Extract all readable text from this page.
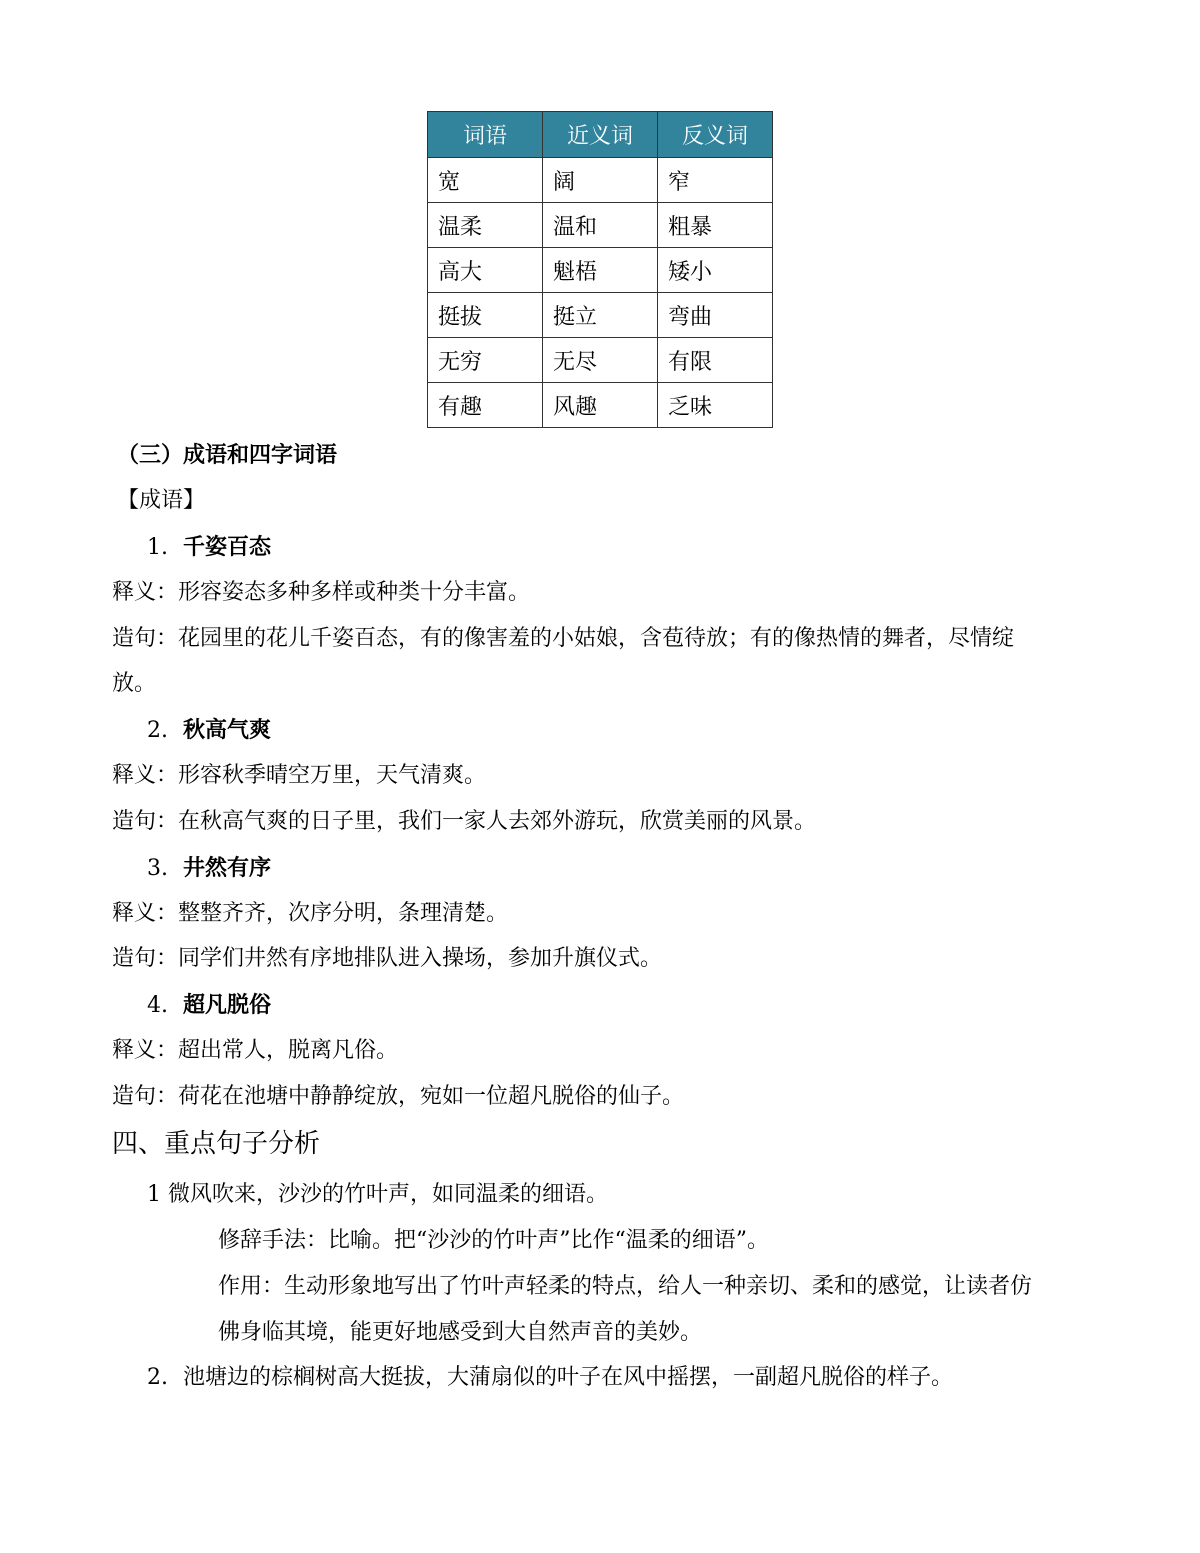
词语	近义词	反义词
宽	阔	窄
温柔	温和	粗暴
高大	魁梧	矮小
挺拔	挺立	弯曲
无穷	无尽	有限
有趣	风趣	乏味
（三）成语和四字词语
【成语】
1. 千姿百态
释义：形容姿态多种多样或种类十分丰富。
造句：花园里的花儿千姿百态，有的像害羞的小姑娘，含苞待放；有的像热情的舞者，尽情绽
放。
2. 秋高气爽
释义：形容秋季晴空万里，天气清爽。
造句：在秋高气爽的日子里，我们一家人去郊外游玩，欣赏美丽的风景。
3. 井然有序
释义：整整齐齐，次序分明，条理清楚。
造句：同学们井然有序地排队进入操场，参加升旗仪式。
4. 超凡脱俗
释义：超出常人，脱离凡俗。
造句：荷花在池塘中静静绽放，宛如一位超凡脱俗的仙子。
四、重点句子分析
1 微风吹来，沙沙的竹叶声，如同温柔的细语。
修辞手法：比喻。把“沙沙的竹叶声”比作“温柔的细语”。
作用：生动形象地写出了竹叶声轻柔的特点，给人一种亲切、柔和的感觉，让读者仿
佛身临其境，能更好地感受到大自然声音的美妙。
2. 池塘边的棕榈树高大挺拔，大蒲扇似的叶子在风中摇摆，一副超凡脱俗的样子。
